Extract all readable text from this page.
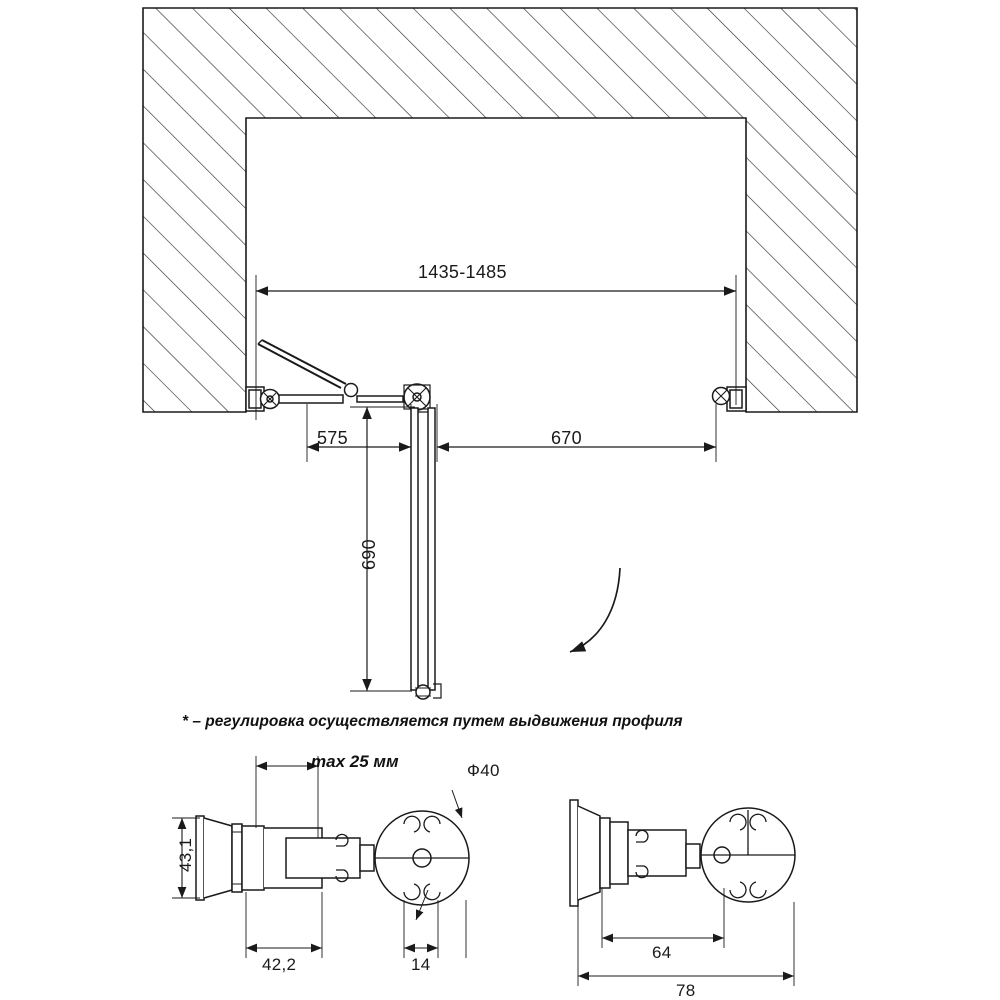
1435-1485
575	670
690
* – регулировка осуществляется путем выдвижения профиля
max 25 мм	Ф40
43,1
42,2	14
64
78
